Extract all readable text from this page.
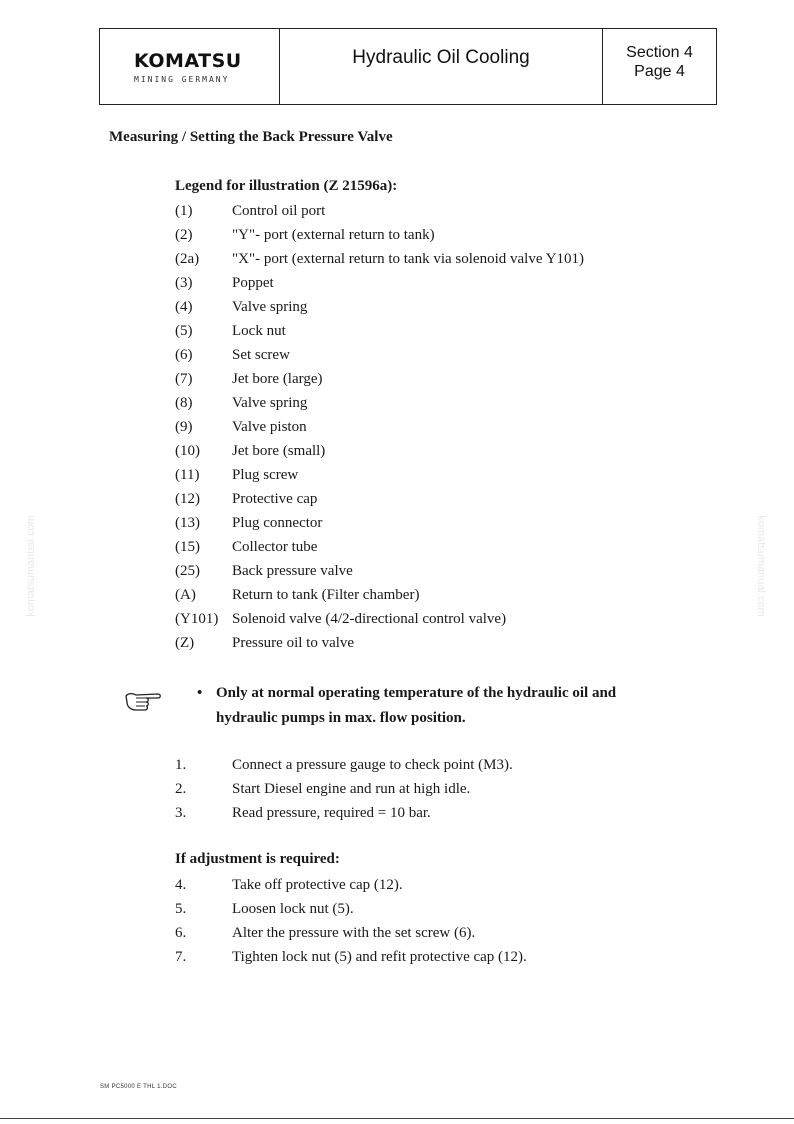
KOMATSU
MINING GERMANY
Hydraulic Oil Cooling	Section 4
Page 4
Measuring / Setting the Back Pressure Valve
Legend for illustration (Z 21596a):
(1)	Control oil port
(2)	"Y"- port (external return to tank)
(2a)	"X"- port (external return to tank via solenoid valve Y101)
(3)	Poppet
(4)	Valve spring
(5)	Lock nut
(6)	Set screw
(7)	Jet bore (large)
(8)	Valve spring
(9)	Valve piston
(10)	Jet bore (small)
(11)	Plug screw
(12)	Protective cap
(13)	Plug connector
(15)	Collector tube
(25)	Back pressure valve
(A)	Return to tank (Filter chamber)
(Y101) Solenoid valve (4/2-directional control valve)
(Z)	Pressure oil to valve
• Only at normal operating temperature of the hydraulic oil and hydraulic pumps in max. flow position.
1.	Connect a pressure gauge to check point (M3).
2.	Start Diesel engine and run at high idle.
3.	Read pressure, required = 10 bar.
If adjustment is required:
4.	Take off protective cap (12).
5.	Loosen lock nut (5).
6.	Alter the pressure with the set screw (6).
7.	Tighten lock nut (5) and refit protective cap (12).
komatsumanual.com	komatsumanual.com
SM PC5000 E THL 1.DOC
